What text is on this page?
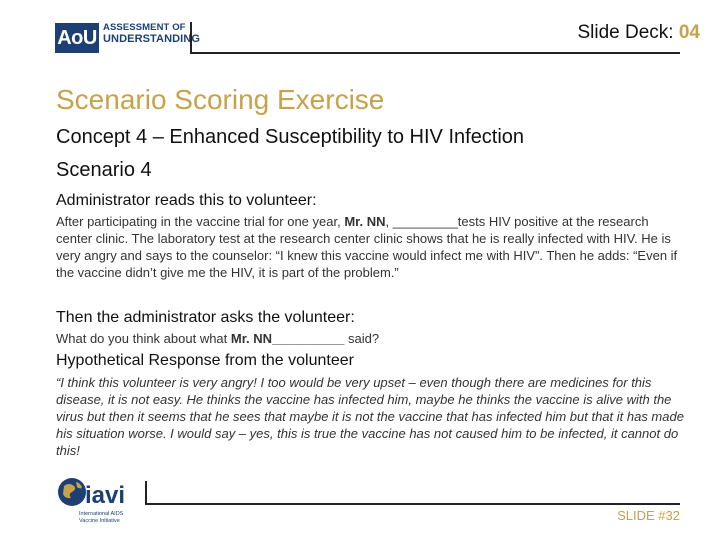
AoU ASSESSMENT OF
UNDERSTANDING	Slide Deck: 04
Scenario Scoring Exercise
Concept 4 – Enhanced Susceptibility to HIV Infection
Scenario 4
Administrator reads this to volunteer:
After participating in the vaccine trial for one year, Mr. NN, _________tests HIV positive at the research center clinic. The laboratory test at the research center clinic shows that he is really infected with HIV. He is very angry and says to the counselor: “I knew this vaccine would infect me with HIV”. Then he adds: “Even if the vaccine didn’t give me the HIV, it is part of the problem.”
Then the administrator asks the volunteer:
What do you think about what Mr. NN__________ said?
Hypothetical Response from the volunteer
“I think this volunteer is very angry! I too would be very upset – even though there are medicines for this disease, it is not easy. He thinks the vaccine has infected him, maybe he thinks the vaccine is alive with the virus but then it seems that he sees that maybe it is not the vaccine that has infected him but that it has made his situation worse. I would say – yes, this is true the vaccine has not caused him to be infected, it cannot do this!
iavi
International AIDS
Vaccine Initiative	SLIDE #32
